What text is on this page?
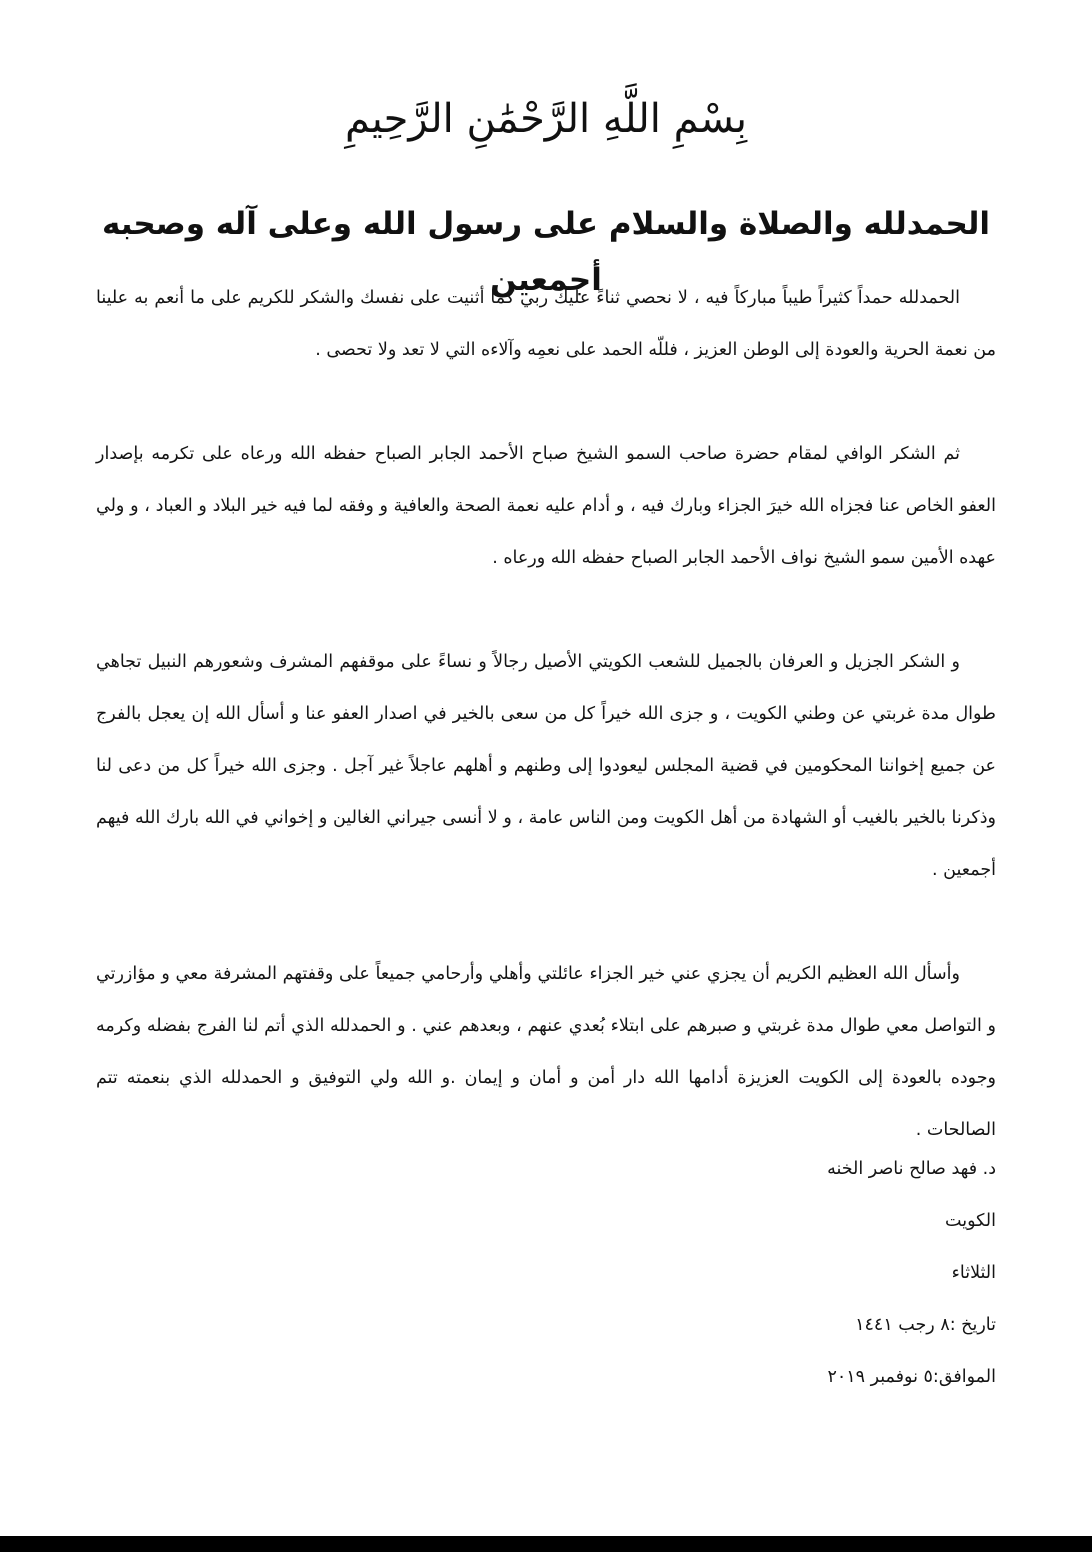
بِسْمِ اللَّهِ الرَّحْمَٰنِ الرَّحِيمِ
الحمدلله والصلاة والسلام على رسول الله وعلى آله وصحبه أجمعين

الحمدلله حمداً كثيراً طيباً مباركاً فيه ، لا نحصي ثناءً عليك ربي كما أثنيت على نفسك والشكر للكريم على ما أنعم به علينا من نعمة الحرية والعودة إلى الوطن العزيز ، فللّه الحمد على نعمِه وآلاءه التي لا تعد ولا تحصى .

ثم الشكر الوافي لمقام حضرة صاحب السمو الشيخ صباح الأحمد الجابر الصباح حفظه الله ورعاه على تكرمه بإصدار العفو الخاص عنا فجزاه الله خيرَ الجزاء وبارك فيه ، و أدام عليه نعمة الصحة والعافية و وفقه لما فيه خير البلاد و العباد ، و ولي عهده الأمين سمو الشيخ نواف الأحمد الجابر الصباح حفظه الله ورعاه .

و الشكر الجزيل و العرفان بالجميل للشعب الكويتي الأصيل رجالاً و نساءً على موقفهم المشرف وشعورهم النبيل تجاهي طوال مدة غربتي عن وطني الكويت ، و جزى الله خيراً كل من سعى بالخير في اصدار العفو عنا و أسأل الله إن يعجل بالفرج عن جميع إخواننا المحكومين في قضية المجلس ليعودوا إلى وطنهم و أهلهم عاجلاً غير آجل . وجزى الله خيراً كل من دعى لنا وذكرنا بالخير بالغيب أو الشهادة من أهل الكويت ومن الناس عامة ، و لا أنسى جيراني الغالين و إخواني في الله بارك الله فيهم أجمعين .

وأسأل الله العظيم الكريم أن يجزي عني خير الجزاء عائلتي وأهلي وأرحامي جميعاً على وقفتهم المشرفة معي و مؤازرتي و التواصل معي طوال مدة غربتي و صبرهم على ابتلاء بُعدي عنهم ، وبعدهم عني . و الحمدلله الذي أتم لنا الفرج بفضله وكرمه وجوده بالعودة إلى الكويت العزيزة أدامها الله دار أمن و أمان و إيمان .و الله ولي التوفيق و الحمدلله الذي بنعمته تتم الصالحات .

د. فهد صالح ناصر الخنه
الكويت
الثلاثاء
تاريخ :٨ رجب ١٤٤١
الموافق:٥ نوفمبر ٢٠١٩
